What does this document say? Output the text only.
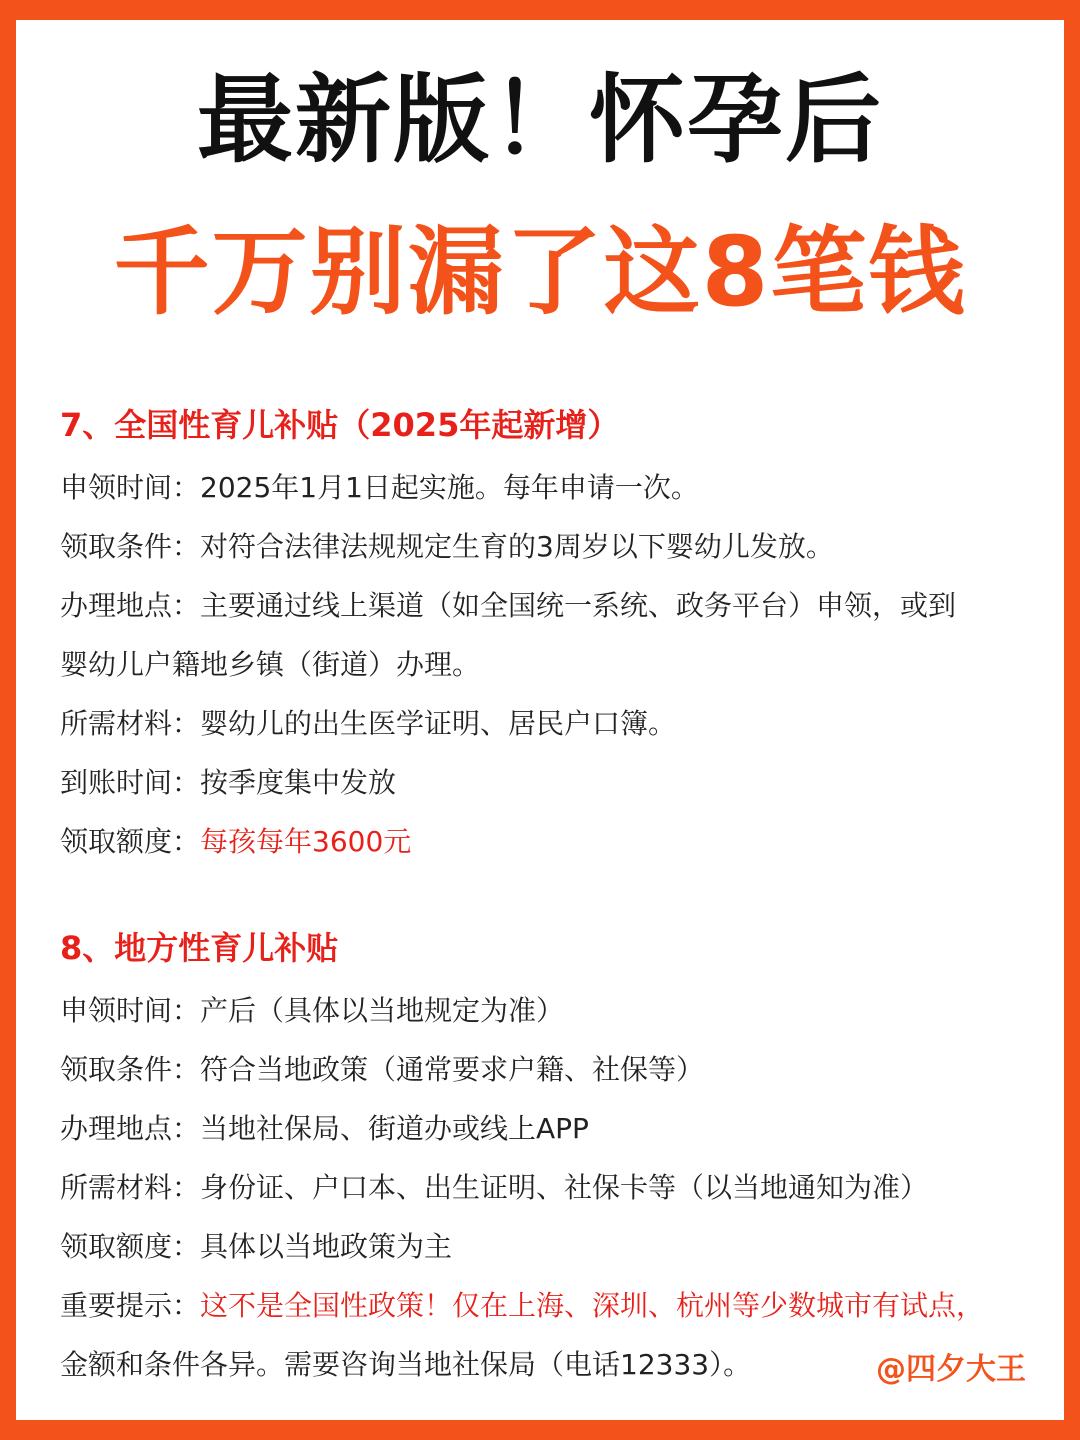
最新版！怀孕后
千万别漏了这8笔钱
7、全国性育儿补贴（2025年起新增）
申领时间：2025年1月1日起实施。每年申请一次。
领取条件：对符合法律法规规定生育的3周岁以下婴幼儿发放。
办理地点：主要通过线上渠道（如全国统一系统、政务平台）申领，或到
婴幼儿户籍地乡镇（街道）办理。
所需材料：婴幼儿的出生医学证明、居民户口簿。
到账时间：按季度集中发放
领取额度：每孩每年3600元
8、地方性育儿补贴
申领时间：产后（具体以当地规定为准）
领取条件：符合当地政策（通常要求户籍、社保等）
办理地点：当地社保局、街道办或线上APP
所需材料：身份证、户口本、出生证明、社保卡等（以当地通知为准）
领取额度：具体以当地政策为主
重要提示：这不是全国性政策！仅在上海、深圳、杭州等少数城市有试点，
金额和条件各异。需要咨询当地社保局（电话12333）。	@四夕大王
